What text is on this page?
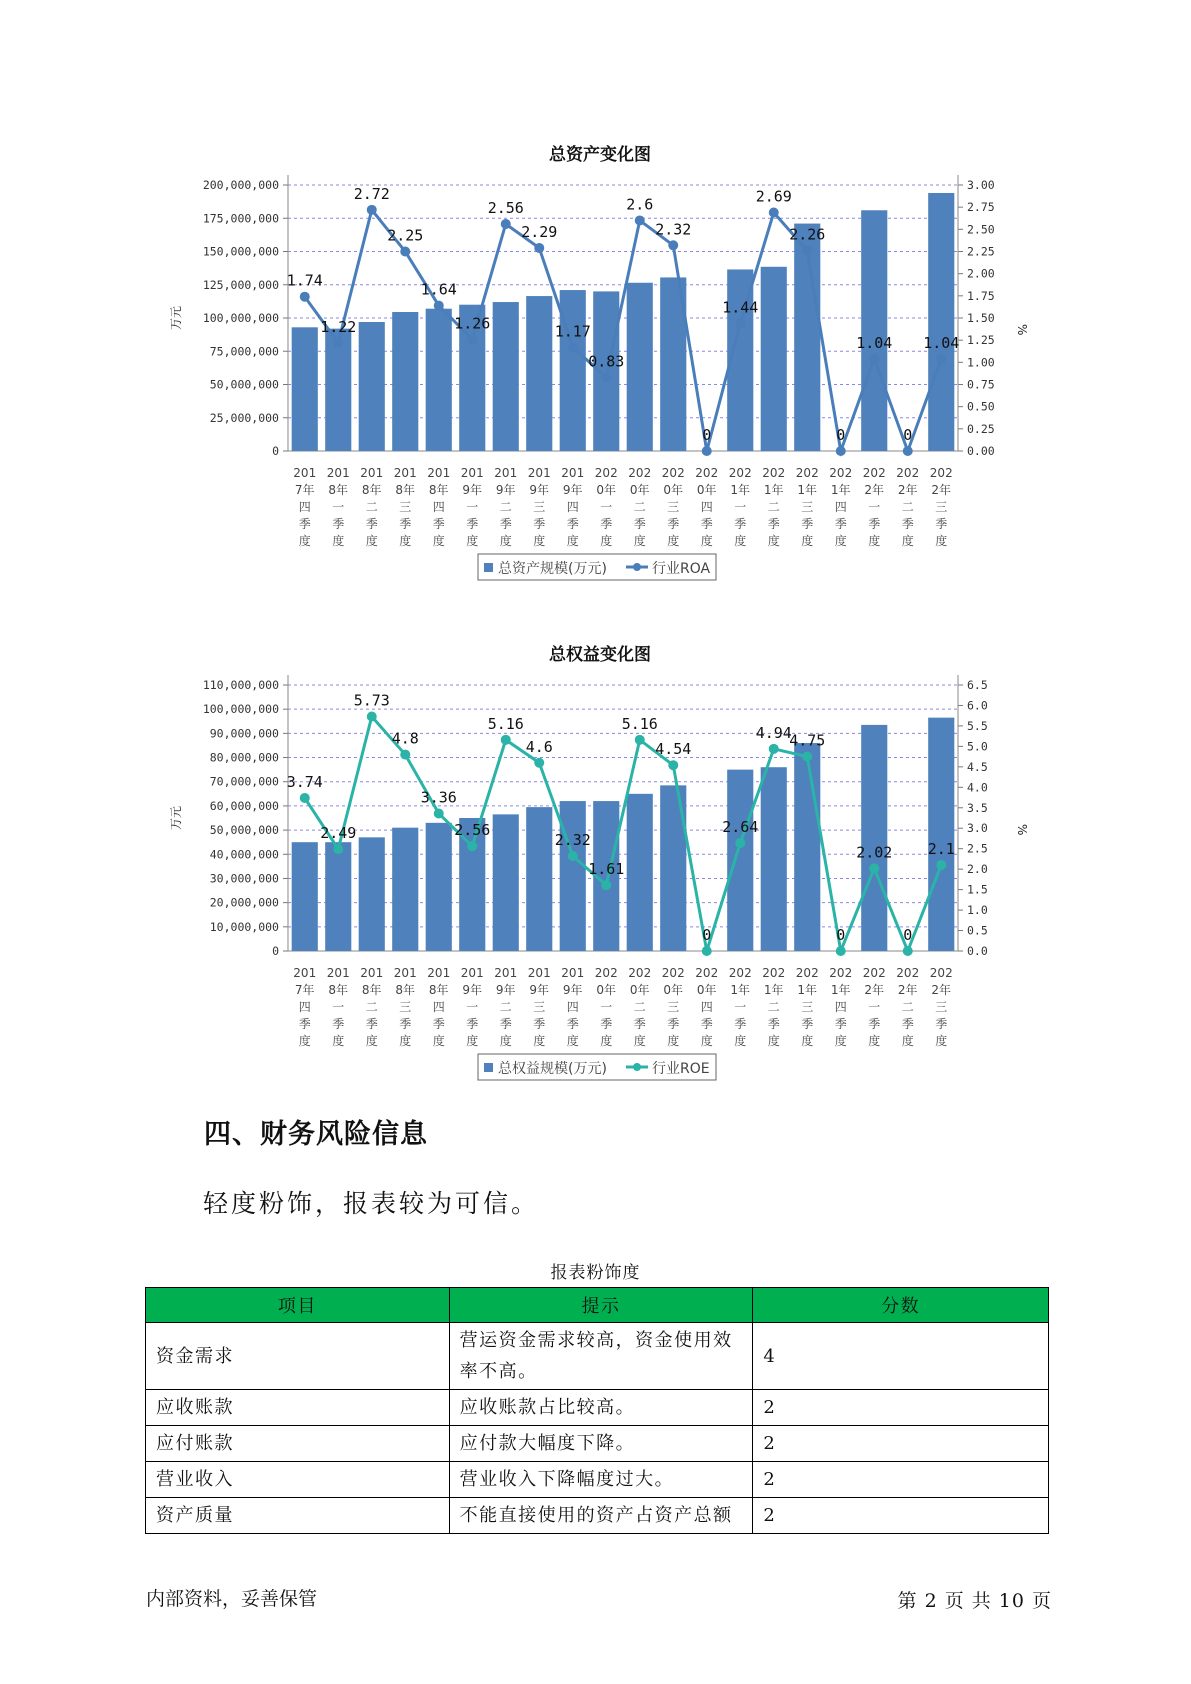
总资产变化图
0
25,000,000
50,000,000
75,000,000
100,000,000
125,000,000
150,000,000
175,000,000
200,000,000
0.00
0.25
0.50
0.75
1.00
1.25
1.50
1.75
2.00
2.25
2.50
2.75
3.00
万元	%
201 7年四季度
201 8年一季度
201 8年二季度
201 8年三季度
201 8年四季度
201 9年一季度
201 9年二季度
201 9年三季度
201 9年四季度
202 0年一季度
202 0年二季度
202 0年三季度
202 0年四季度
202 1年一季度
202 1年二季度
202 1年三季度
202 1年四季度
202 2年一季度
202 2年二季度
202 2年三季度
1.74
1.22
2.72
2.25
1.64
1.26
2.56
2.29
1.17
0.83
2.6
2.32
0
1.44
2.69
2.26
0
1.04
0
1.04
总资产规模(万元)	行业ROA
总权益变化图
0
10,000,000
20,000,000
30,000,000
40,000,000
50,000,000
60,000,000
70,000,000
80,000,000
90,000,000
100,000,000
110,000,000
0.0
0.5
1.0
1.5
2.0
2.5
3.0
3.5
4.0
4.5
5.0
5.5
6.0
6.5
万元	%
201 7年四季度
201 8年一季度
201 8年二季度
201 8年三季度
201 8年四季度
201 9年一季度
201 9年二季度
201 9年三季度
201 9年四季度
202 0年一季度
202 0年二季度
202 0年三季度
202 0年四季度
202 1年一季度
202 1年二季度
202 1年三季度
202 1年四季度
202 2年一季度
202 2年二季度
202 2年三季度
3.74
2.49
5.73
4.8
3.36
2.56
5.16
4.6
2.32
1.61
5.16
4.54
0
2.64
4.94
4.75
0
2.02
0
2.1
总权益规模(万元)	行业ROE
四、财务风险信息
轻度粉饰，报表较为可信。
报表粉饰度
项目	提示	分数
资金需求	营运资金需求较高，资金使用效率不高。	4
应收账款	应收账款占比较高。	2
应付账款	应付款大幅度下降。	2
营业收入	营业收入下降幅度过大。	2
资产质量	不能直接使用的资产占资产总额	2
内部资料，妥善保管	第 2 页 共 10 页
